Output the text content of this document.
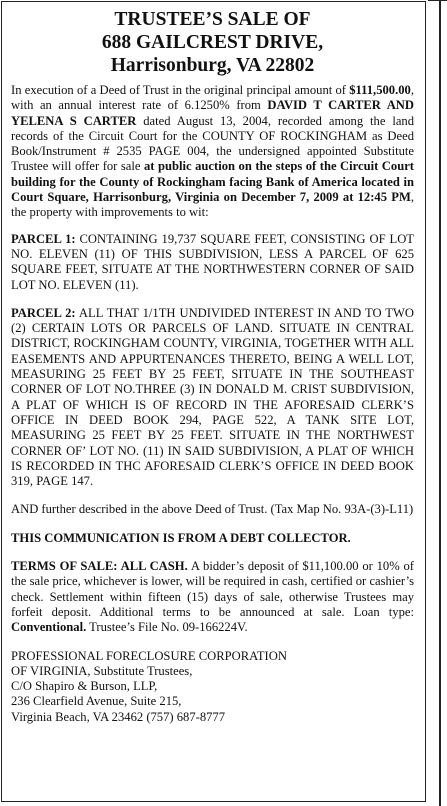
TRUSTEE’S SALE OF
688 GAILCREST DRIVE,
Harrisonburg, VA 22802

In execution of a Deed of Trust in the original principal amount of $111,500.00, with an annual interest rate of 6.1250% from DAVID T CARTER AND YELENA S CARTER dated August 13, 2004, recorded among the land records of the Circuit Court for the COUNTY OF ROCKINGHAM as Deed Book/Instrument # 2535 PAGE 004, the undersigned appointed Substitute Trustee will offer for sale at public auction on the steps of the Circuit Court building for the County of Rockingham facing Bank of America located in Court Square, Harrisonburg, Virginia on December 7, 2009 at 12:45 PM, the property with improvements to wit:

PARCEL 1: CONTAINING 19,737 SQUARE FEET, CONSISTING OF LOT NO. ELEVEN (11) OF THIS SUBDIVISION, LESS A PARCEL OF 625 SQUARE FEET, SITUATE AT THE NORTHWESTERN CORNER OF SAID LOT NO. ELEVEN (11).

PARCEL 2: ALL THAT 1/1TH UNDIVIDED INTEREST IN AND TO TWO (2) CERTAIN LOTS OR PARCELS OF LAND. SITUATE IN CENTRAL DISTRICT, ROCKINGHAM COUNTY, VIRGINIA, TOGETHER WITH ALL EASEMENTS AND APPURTENANCES THERETO, BEING A WELL LOT, MEASURING 25 FEET BY 25 FEET, SITUATE IN THE SOUTHEAST CORNER OF LOT NO.THREE (3) IN DONALD M. CRIST SUBDIVISION, A PLAT OF WHICH IS OF RECORD IN THE AFORESAID CLERK’S OFFICE IN DEED BOOK 294, PAGE 522, A TANK SITE LOT, MEASURING 25 FEET BY 25 FEET. SITUATE IN THE NORTHWEST CORNER OF’ LOT NO. (11) IN SAID SUBDIVISION, A PLAT OF WHICH IS RECORDED IN THC AFORESAID CLERK’S OFFICE IN DEED BOOK 319, PAGE 147.

AND further described in the above Deed of Trust. (Tax Map No. 93A-(3)-L11)

THIS COMMUNICATION IS FROM A DEBT COLLECTOR.

TERMS OF SALE: ALL CASH. A bidder’s deposit of $11,100.00 or 10% of the sale price, whichever is lower, will be required in cash, certified or cashier’s check. Settlement within fifteen (15) days of sale, otherwise Trustees may forfeit deposit. Additional terms to be announced at sale. Loan type: Conventional. Trustee’s File No. 09-166224V.

PROFESSIONAL FORECLOSURE CORPORATION

OF VIRGINIA, Substitute Trustees,

C/O Shapiro & Burson, LLP,

236 Clearfield Avenue, Suite 215,

Virginia Beach, VA 23462 (757) 687-8777
